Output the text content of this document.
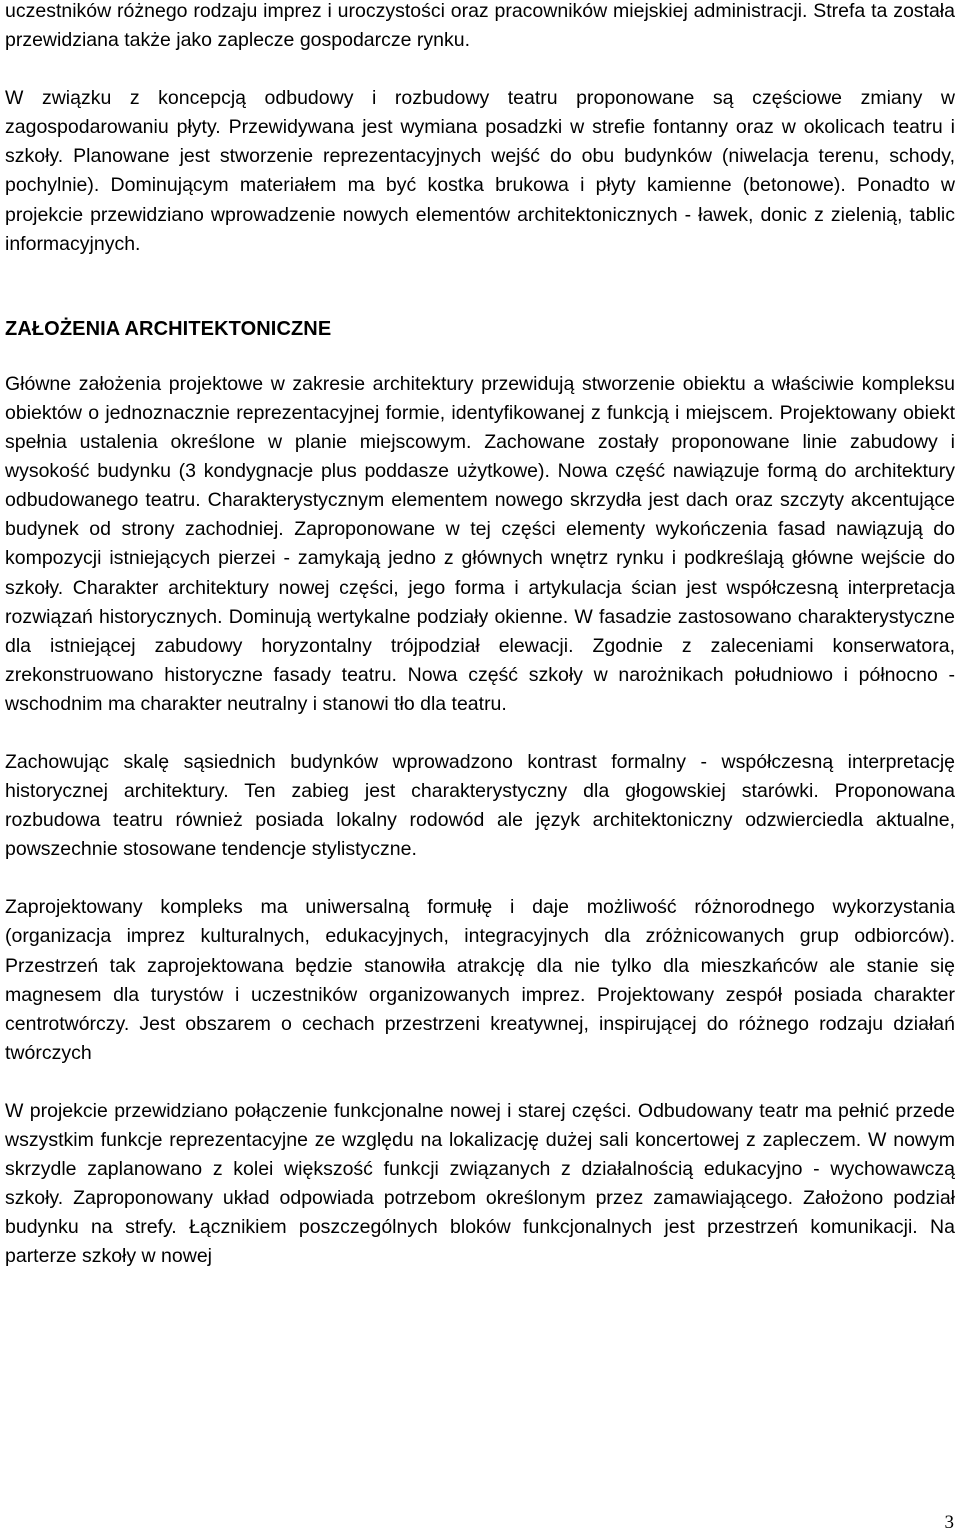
uczestników różnego rodzaju imprez i uroczystości oraz pracowników miejskiej administracji. Strefa ta została przewidziana także jako zaplecze gospodarcze rynku.

W związku z koncepcją odbudowy i rozbudowy teatru proponowane są częściowe zmiany w zagospodarowaniu płyty. Przewidywana jest wymiana posadzki w strefie fontanny oraz w okolicach teatru i szkoły. Planowane jest stworzenie reprezentacyjnych wejść do obu budynków (niwelacja terenu, schody, pochylnie). Dominującym materiałem ma być kostka brukowa i płyty kamienne (betonowe). Ponadto w projekcie przewidziano wprowadzenie nowych elementów architektonicznych - ławek, donic z zielenią, tablic informacyjnych.

ZAŁOŻENIA ARCHITEKTONICZNE

Główne założenia projektowe w zakresie architektury przewidują stworzenie obiektu a właściwie kompleksu obiektów o jednoznacznie reprezentacyjnej formie, identyfikowanej z funkcją i miejscem. Projektowany obiekt spełnia ustalenia określone w planie miejscowym. Zachowane zostały proponowane linie zabudowy i wysokość budynku (3 kondygnacje plus poddasze użytkowe). Nowa część nawiązuje formą do architektury odbudowanego teatru. Charakterystycznym elementem nowego skrzydła jest dach oraz szczyty akcentujące budynek od strony zachodniej. Zaproponowane w tej części elementy wykończenia fasad nawiązują do kompozycji istniejących pierzei - zamykają jedno z głównych wnętrz rynku i podkreślają główne wejście do szkoły. Charakter architektury nowej części, jego forma i artykulacja ścian jest współczesną interpretacja rozwiązań historycznych. Dominują wertykalne podziały okienne. W fasadzie zastosowano charakterystyczne dla istniejącej zabudowy horyzontalny trójpodział elewacji. Zgodnie z zaleceniami konserwatora, zrekonstruowano historyczne fasady teatru. Nowa część szkoły w narożnikach południowo i północno - wschodnim ma charakter neutralny i stanowi tło dla teatru.

Zachowując skalę sąsiednich budynków wprowadzono kontrast formalny - współczesną interpretację historycznej architektury. Ten zabieg jest charakterystyczny dla głogowskiej starówki. Proponowana rozbudowa teatru również posiada lokalny rodowód ale język architektoniczny odzwierciedla aktualne, powszechnie stosowane tendencje stylistyczne.

Zaprojektowany kompleks ma uniwersalną formułę i daje możliwość różnorodnego wykorzystania (organizacja imprez kulturalnych, edukacyjnych, integracyjnych dla zróżnicowanych grup odbiorców). Przestrzeń tak zaprojektowana będzie stanowiła atrakcję dla nie tylko dla mieszkańców ale stanie się magnesem dla turystów i uczestników organizowanych imprez. Projektowany zespół posiada charakter centrotwórczy. Jest obszarem o cechach przestrzeni kreatywnej, inspirującej do różnego rodzaju działań twórczych

W projekcie przewidziano połączenie funkcjonalne nowej i starej części. Odbudowany teatr ma pełnić przede wszystkim funkcje reprezentacyjne ze względu na lokalizację dużej sali koncertowej z zapleczem. W nowym skrzydle zaplanowano z kolei większość funkcji związanych z działalnością edukacyjno - wychowawczą szkoły. Zaproponowany układ odpowiada potrzebom określonym przez zamawiającego. Założono podział budynku na strefy. Łącznikiem poszczególnych bloków funkcjonalnych jest przestrzeń komunikacji. Na parterze szkoły w nowej

3
